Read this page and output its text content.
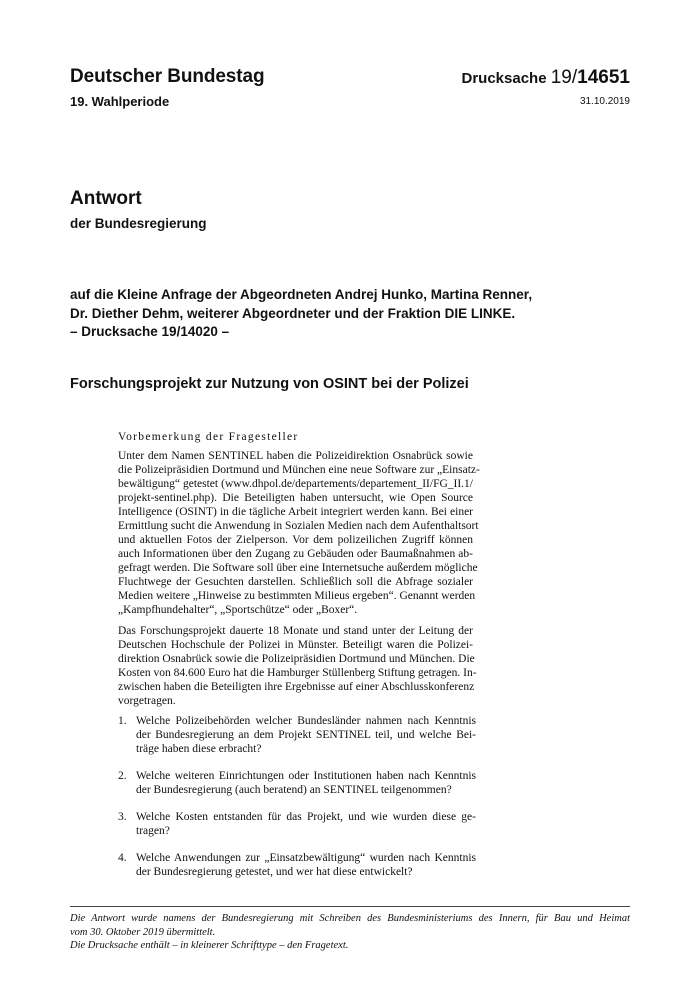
Deutscher Bundestag
19. Wahlperiode
Drucksache 19/14651
31.10.2019
Antwort
der Bundesregierung
auf die Kleine Anfrage der Abgeordneten Andrej Hunko, Martina Renner,
Dr. Diether Dehm, weiterer Abgeordneter und der Fraktion DIE LINKE.
– Drucksache 19/14020 –
Forschungsprojekt zur Nutzung von OSINT bei der Polizei
Vorbemerkung der Fragesteller
Unter dem Namen SENTINEL haben die Polizeidirektion Osnabrück sowie
die Polizeipräsidien Dortmund und München eine neue Software zur „Einsatz-
bewältigung“ getestet (www.dhpol.de/departements/departement_II/FG_II.1/
projekt-sentinel.php). Die Beteiligten haben untersucht, wie Open Source
Intelligence (OSINT) in die tägliche Arbeit integriert werden kann. Bei einer
Ermittlung sucht die Anwendung in Sozialen Medien nach dem Aufenthaltsort
und aktuellen Fotos der Zielperson. Vor dem polizeilichen Zugriff können
auch Informationen über den Zugang zu Gebäuden oder Baumaßnahmen ab-
gefragt werden. Die Software soll über eine Internetsuche außerdem mögliche
Fluchtwege der Gesuchten darstellen. Schließlich soll die Abfrage sozialer
Medien weitere „Hinweise zu bestimmten Milieus ergeben“. Genannt werden
„Kampfhundehalter“, „Sportschütze“ oder „Boxer“.
Das Forschungsprojekt dauerte 18 Monate und stand unter der Leitung der
Deutschen Hochschule der Polizei in Münster. Beteiligt waren die Polizei-
direktion Osnabrück sowie die Polizeipräsidien Dortmund und München. Die
Kosten von 84.600 Euro hat die Hamburger Stüllenberg Stiftung getragen. In-
zwischen haben die Beteiligten ihre Ergebnisse auf einer Abschlusskonferenz
vorgetragen.
1. Welche Polizeibehörden welcher Bundesländer nahmen nach Kenntnis
der Bundesregierung an dem Projekt SENTINEL teil, und welche Bei-
träge haben diese erbracht?
2. Welche weiteren Einrichtungen oder Institutionen haben nach Kenntnis
der Bundesregierung (auch beratend) an SENTINEL teilgenommen?
3. Welche Kosten entstanden für das Projekt, und wie wurden diese ge-
tragen?
4. Welche Anwendungen zur „Einsatzbewältigung“ wurden nach Kenntnis
der Bundesregierung getestet, und wer hat diese entwickelt?
Die Antwort wurde namens der Bundesregierung mit Schreiben des Bundesministeriums des Innern, für Bau und Heimat
vom 30. Oktober 2019 übermittelt.
Die Drucksache enthält – in kleinerer Schrifttype – den Fragetext.
